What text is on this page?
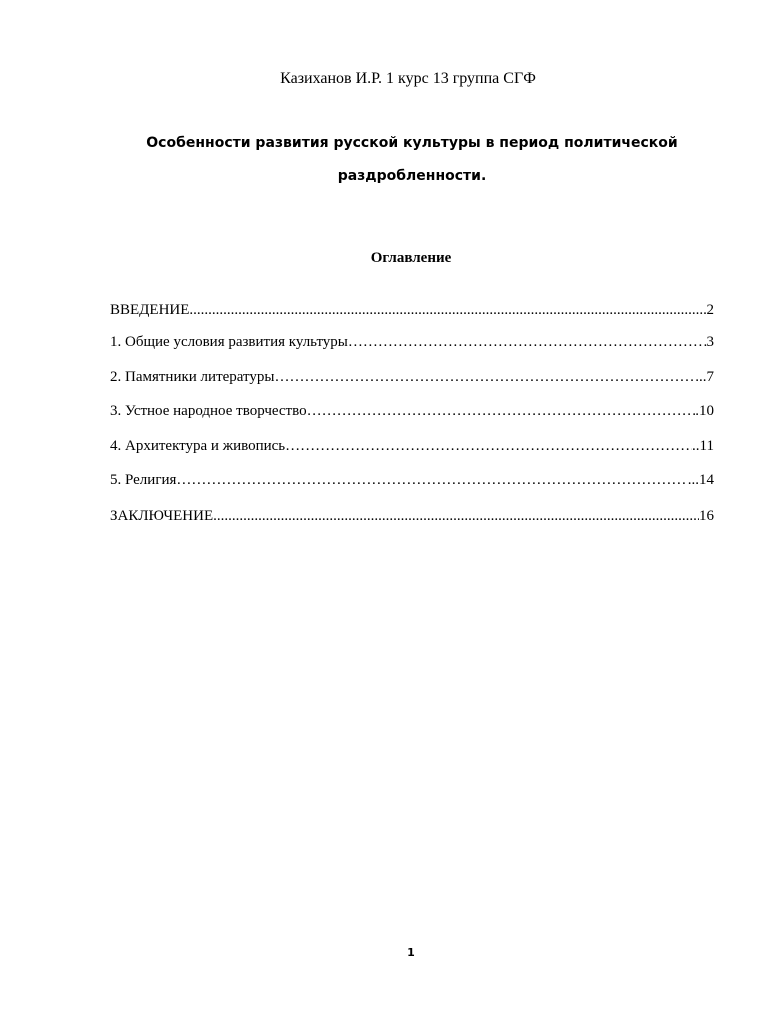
Казиханов И.Р. 1 курс 13 группа СГФ
Особенности развития русской культуры в период политической раздробленности.
Оглавление
ВВЕДЕНИЕ .....	2
1. Общие условия развития культуры ……………………………………………………………………………………………………………………………………………………………………	3
2. Памятники литературы ……………………………………………………………………………………………………………………………………………………………………	...7
3. Устное народное творчество ……………………………………………………………………………………………………………………………………………………………………	.10
4. Архитектура и живопись ……………………………………………………………………………………………………………………………………………………………………	..11
5. Религия ……………………………………………………………………………………………………………………………………………………………………	...14
ЗАКЛЮЧЕНИЕ .....	16
1
